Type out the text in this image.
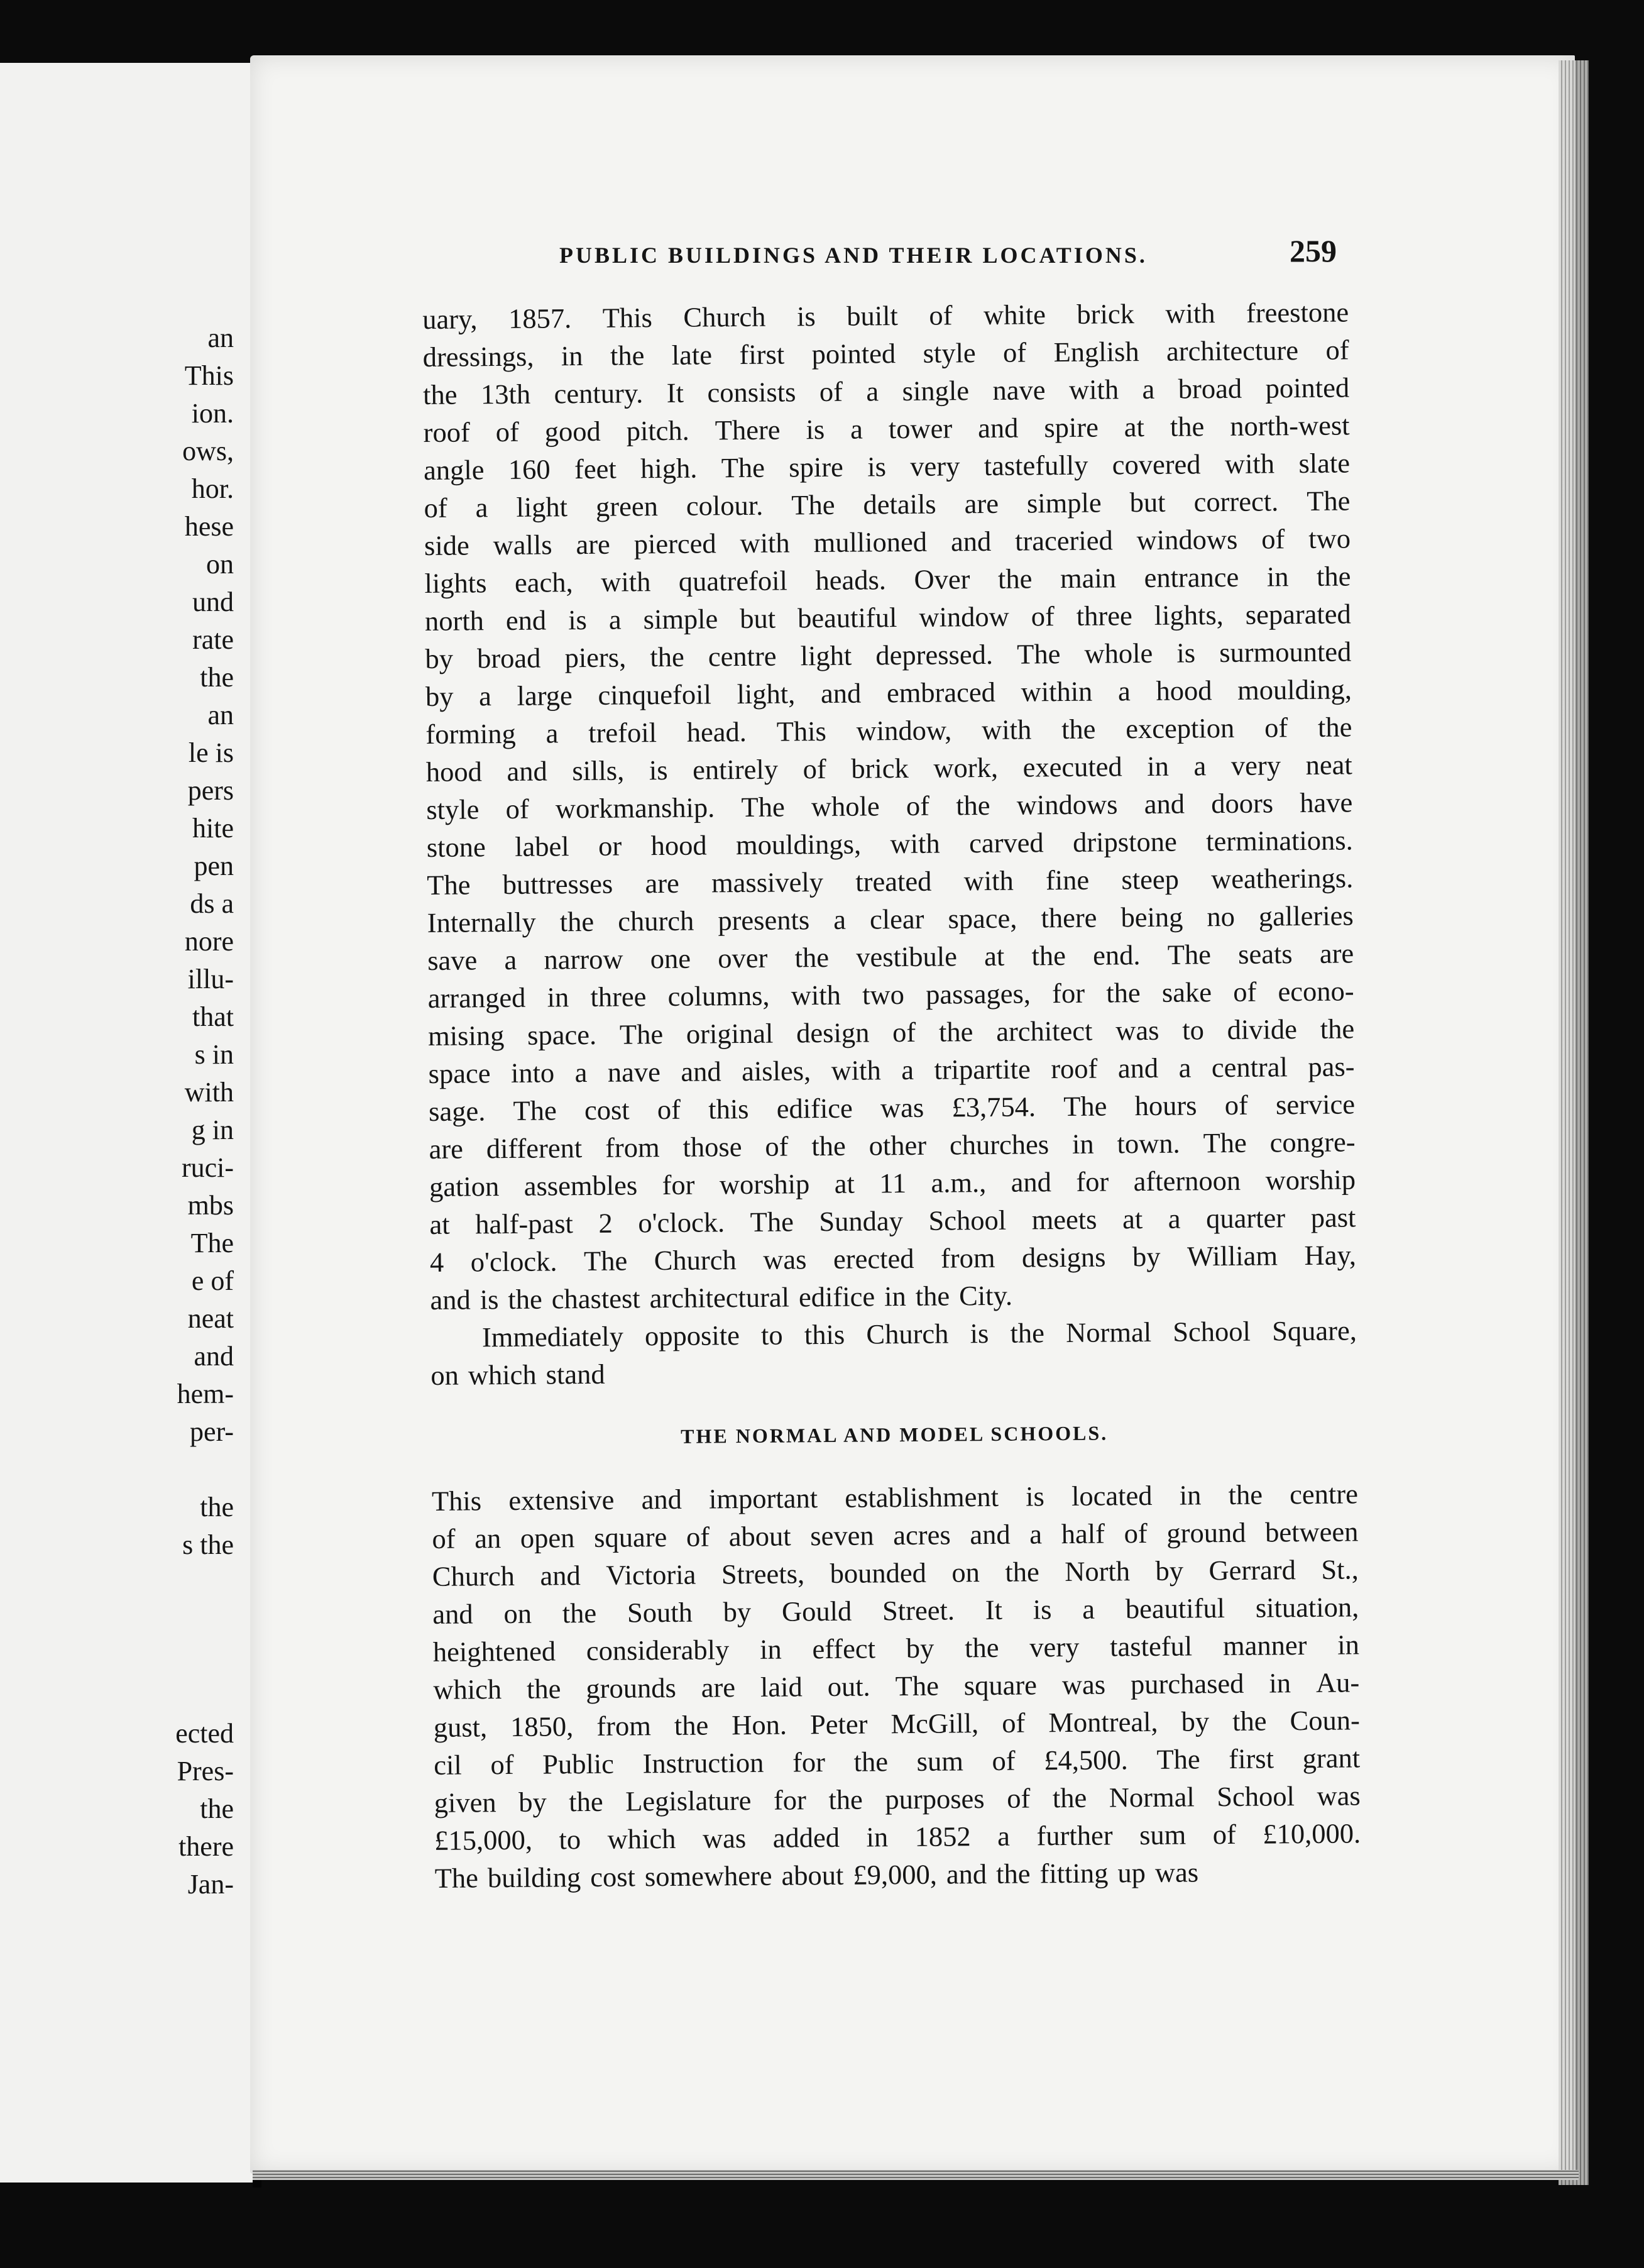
an
This
ion.
ows,
hor.
hese
on
und
rate
the
an
le is
pers
hite
pen
ds a
nore
illu-
that
s in
with
g in
ruci-
mbs
The
e of
neat
and
hem-
per-
the
s the
ected
Pres-
the
there
Jan-
PUBLIC BUILDINGS AND THEIR LOCATIONS.	259
uary, 1857. This Church is built of white brick with freestone
dressings, in the late first pointed style of English architecture of
the 13th century. It consists of a single nave with a broad pointed
roof of good pitch. There is a tower and spire at the north-west
angle 160 feet high. The spire is very tastefully covered with slate
of a light green colour. The details are simple but correct. The
side walls are pierced with mullioned and traceried windows of two
lights each, with quatrefoil heads. Over the main entrance in the
north end is a simple but beautiful window of three lights, separated
by broad piers, the centre light depressed. The whole is surmounted
by a large cinquefoil light, and embraced within a hood moulding,
forming a trefoil head. This window, with the exception of the
hood and sills, is entirely of brick work, executed in a very neat
style of workmanship. The whole of the windows and doors have
stone label or hood mouldings, with carved dripstone terminations.
The buttresses are massively treated with fine steep weatherings.
Internally the church presents a clear space, there being no galleries
save a narrow one over the vestibule at the end. The seats are
arranged in three columns, with two passages, for the sake of econo-
mising space. The original design of the architect was to divide the
space into a nave and aisles, with a tripartite roof and a central pas-
sage. The cost of this edifice was £3,754. The hours of service
are different from those of the other churches in town. The congre-
gation assembles for worship at 11 a.m., and for afternoon worship
at half-past 2 o'clock. The Sunday School meets at a quarter past
4 o'clock. The Church was erected from designs by William Hay,
and is the chastest architectural edifice in the City.
Immediately opposite to this Church is the Normal School Square,
on which stand
THE NORMAL AND MODEL SCHOOLS.
This extensive and important establishment is located in the centre
of an open square of about seven acres and a half of ground between
Church and Victoria Streets, bounded on the North by Gerrard St.,
and on the South by Gould Street. It is a beautiful situation,
heightened considerably in effect by the very tasteful manner in
which the grounds are laid out. The square was purchased in Au-
gust, 1850, from the Hon. Peter McGill, of Montreal, by the Coun-
cil of Public Instruction for the sum of £4,500. The first grant
given by the Legislature for the purposes of the Normal School was
£15,000, to which was added in 1852 a further sum of £10,000.
The building cost somewhere about £9,000, and the fitting up was
